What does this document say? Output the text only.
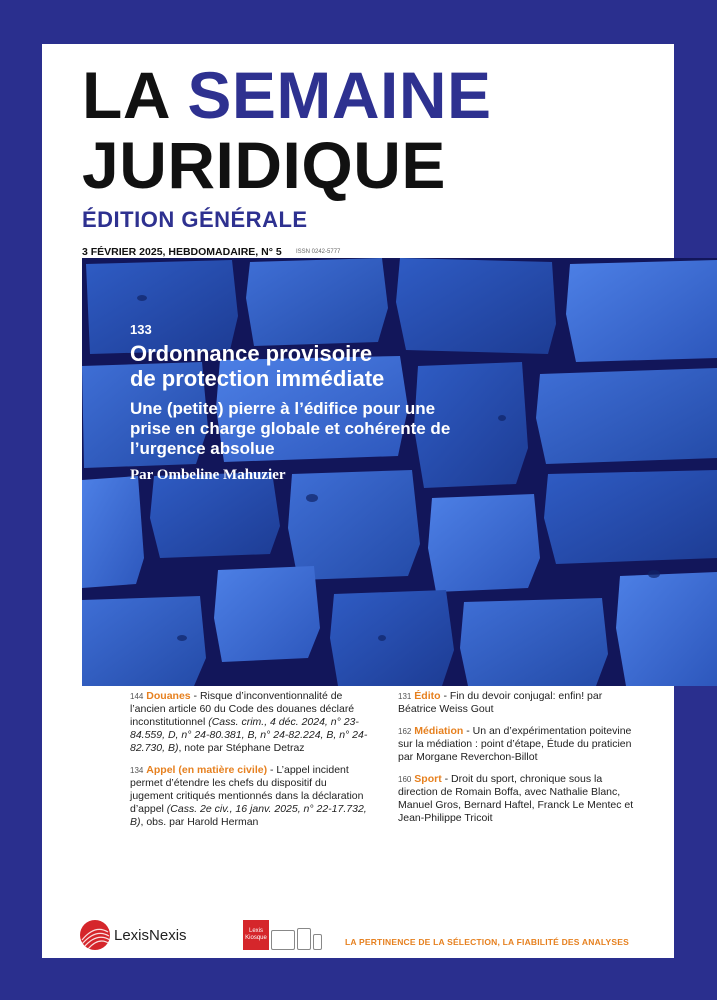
LA SEMAINE
JURIDIQUE
ÉDITION GÉNÉRALE
3 FÉVRIER 2025, HEBDOMADAIRE, N° 5 ISSN 0242-5777
133
Ordonnance provisoire
de protection immédiate
Une (petite) pierre à l’édifice pour une prise en charge globale et cohérente de l’urgence absolue
Par Ombeline Mahuzier
144 Douanes - Risque d’inconventionnalité de l’ancien article 60 du Code des douanes déclaré inconstitutionnel (Cass. crim., 4 déc. 2024, n° 23-84.559, D, n° 24-80.381, B, n° 24-82.224, B, n° 24-82.730, B), note par Stéphane Detraz
134 Appel (en matière civile) - L’appel incident permet d’étendre les chefs du dispositif du jugement critiqués mentionnés dans la déclaration d’appel (Cass. 2e civ., 16 janv. 2025, n° 22-17.732, B), obs. par Harold Herman
131 Édito - Fin du devoir conjugal: enfin! par Béatrice Weiss Gout
162 Médiation - Un an d’expérimentation poitevine sur la médiation : point d’étape, Étude du praticien par Morgane Reverchon-Billot
160 Sport - Droit du sport, chronique sous la direction de Romain Boffa, avec Nathalie Blanc, Manuel Gros, Bernard Haftel, Franck Le Mentec et Jean-Philippe Tricoit
LexisNexis	Lexis Kiosque	LA PERTINENCE DE LA SÉLECTION, LA FIABILITÉ DES ANALYSES
